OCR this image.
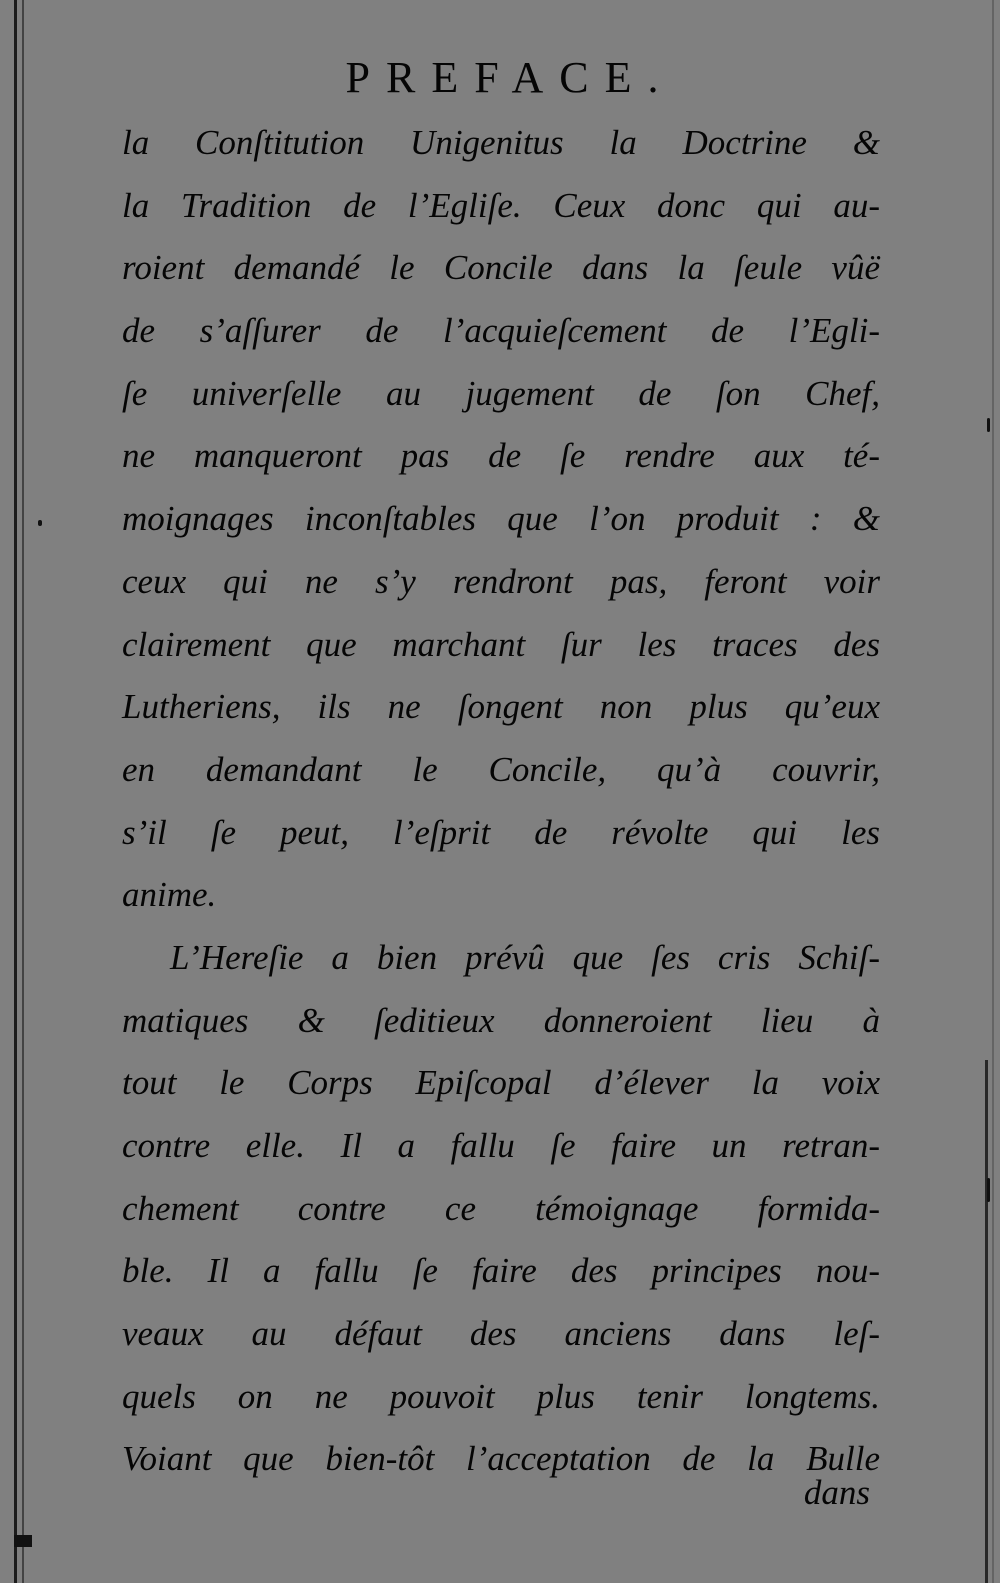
PREFACE.
la Conſtitution Unigenitus la Doctrine &
la Tradition de l’Egliſe. Ceux donc qui au-
roient demandé le Concile dans la ſeule vûë
de s’aſſurer de l’acquieſcement de l’Egli-
ſe univerſelle au jugement de ſon Chef,
ne manqueront pas de ſe rendre aux té-
moignages inconſtables que l’on produit : &
ceux qui ne s’y rendront pas, feront voir
clairement que marchant ſur les traces des
Lutheriens, ils ne ſongent non plus qu’eux
en demandant le Concile, qu’à couvrir,
s’il ſe peut, l’eſprit de révolte qui les
anime.
L’Hereſie a bien prévû que ſes cris Schiſ-
matiques & ſeditieux donneroient lieu à
tout le Corps Epiſcopal d’élever la voix
contre elle. Il a fallu ſe faire un retran-
chement contre ce témoignage formida-
ble. Il a fallu ſe faire des principes nou-
veaux au défaut des anciens dans leſ-
quels on ne pouvoit plus tenir longtems.
Voiant que bien-tôt l’acceptation de la Bulle
dans
